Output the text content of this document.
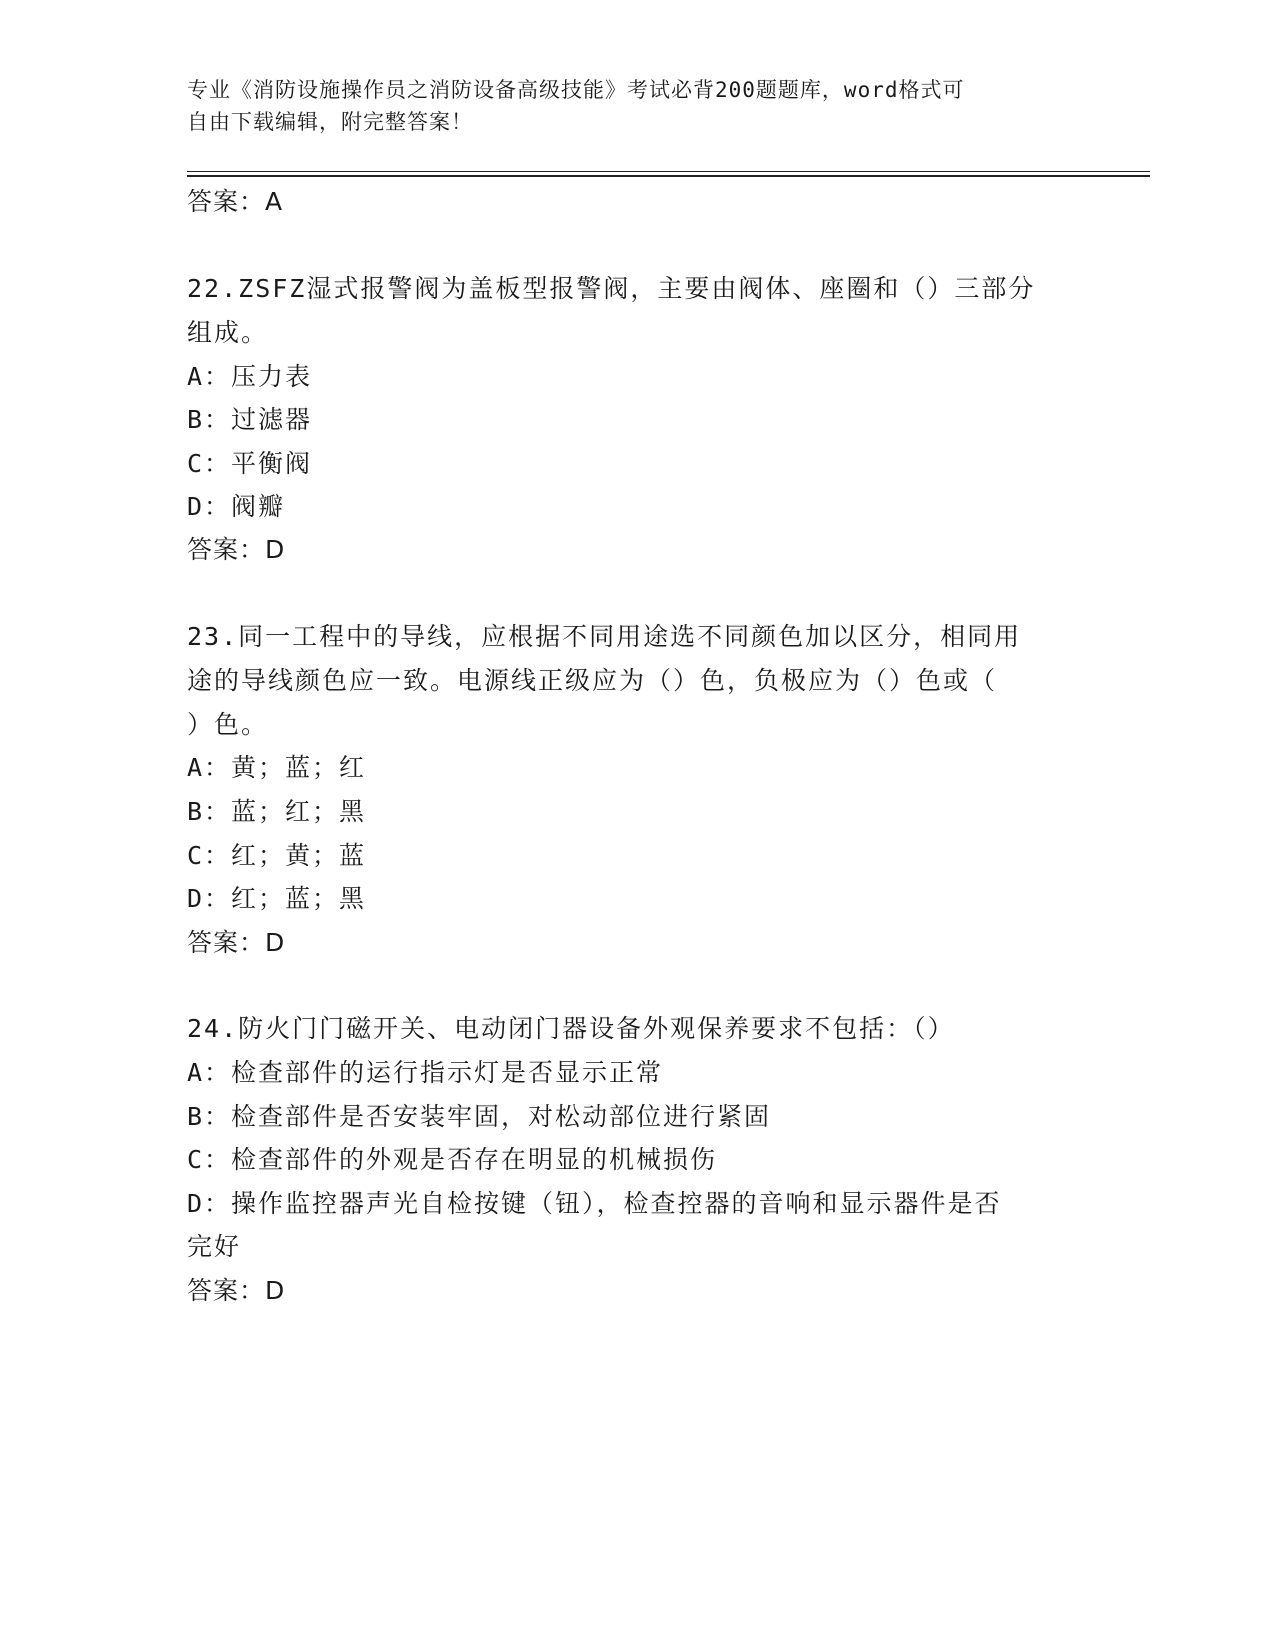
专业《消防设施操作员之消防设备高级技能》考试必背200题题库，word格式可
自由下载编辑，附完整答案！
答案：A
22.ZSFZ湿式报警阀为盖板型报警阀，主要由阀体、座圈和（）三部分
组成。
A：压力表
B：过滤器
C：平衡阀
D：阀瓣
答案：D
23.同一工程中的导线，应根据不同用途选不同颜色加以区分，相同用
途的导线颜色应一致。电源线正级应为（）色，负极应为（）色或（
）色。
A：黄；蓝；红
B：蓝；红；黑
C：红；黄；蓝
D：红；蓝；黑
答案：D
24.防火门门磁开关、电动闭门器设备外观保养要求不包括：（）
A：检查部件的运行指示灯是否显示正常
B：检查部件是否安装牢固，对松动部位进行紧固
C：检查部件的外观是否存在明显的机械损伤
D：操作监控器声光自检按键（钮），检查控器的音响和显示器件是否
完好
答案：D
